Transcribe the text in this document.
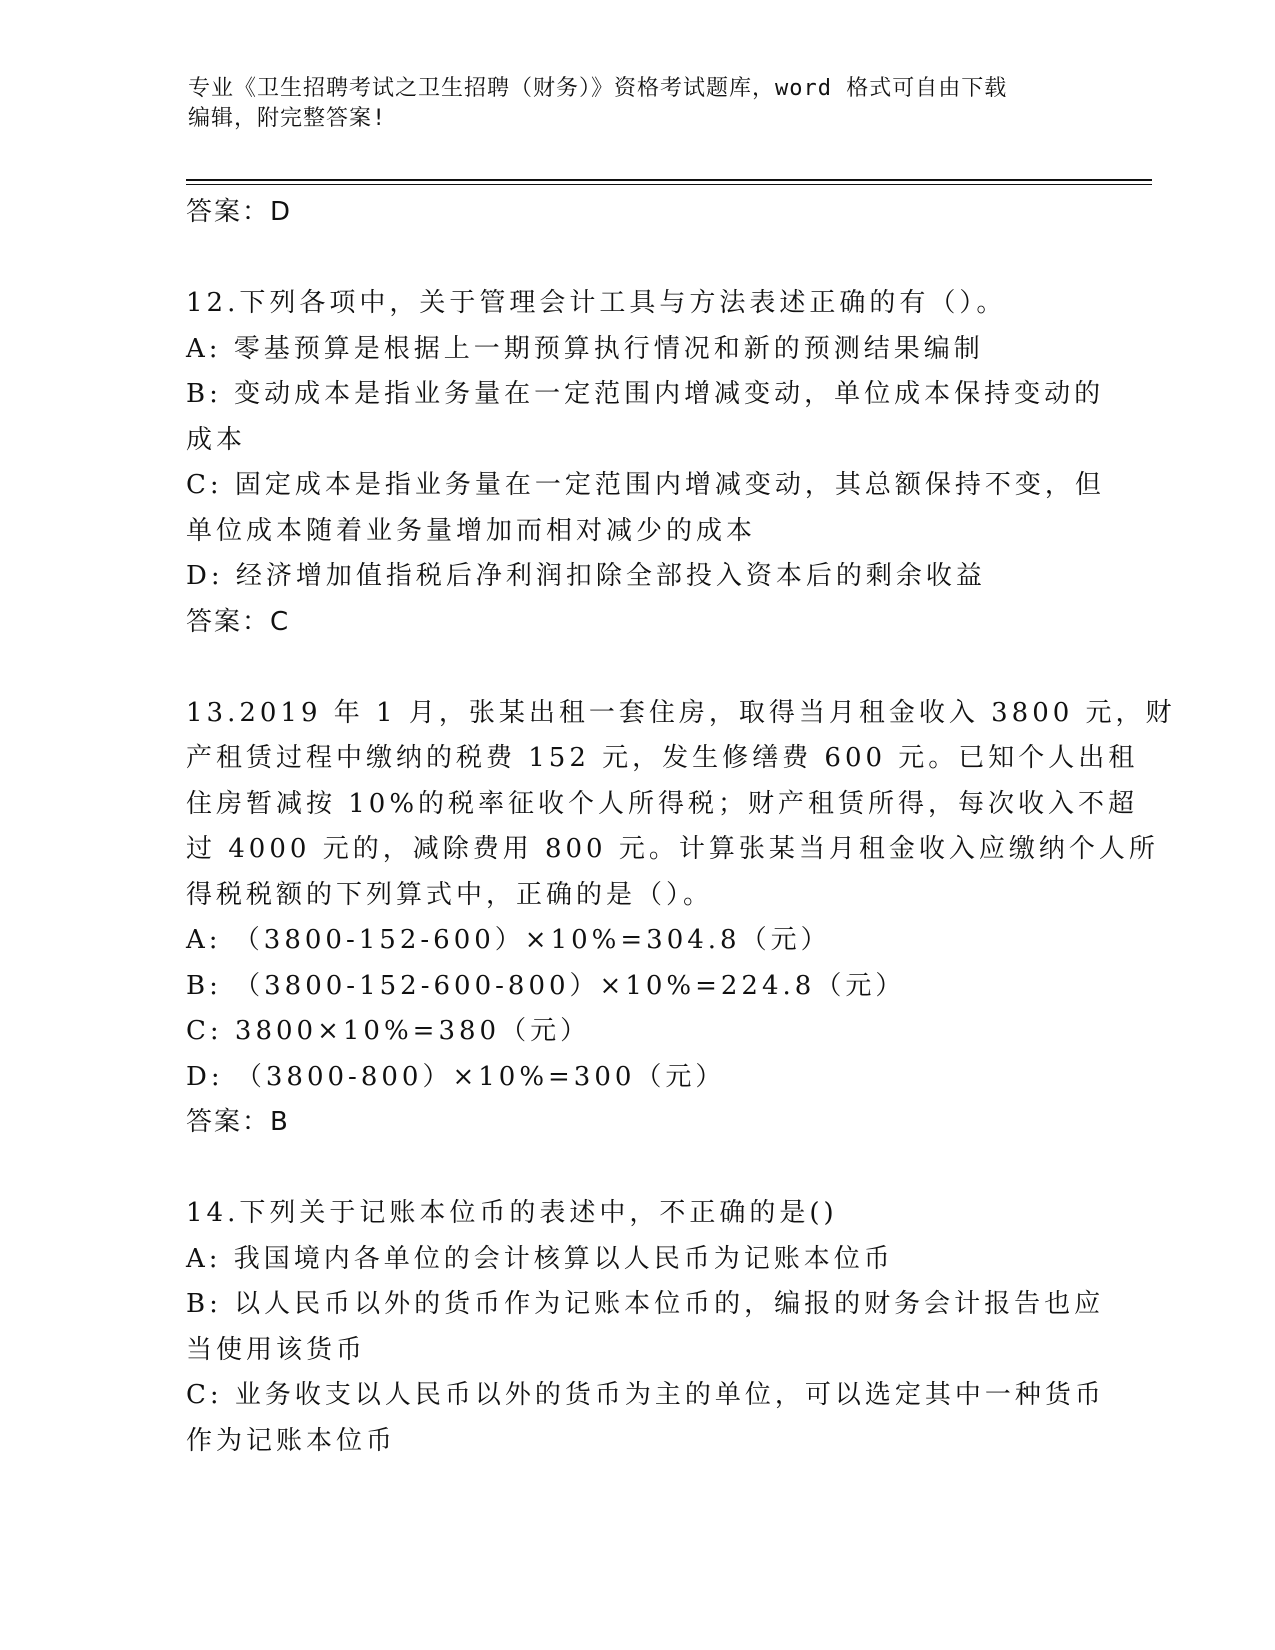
专业《卫生招聘考试之卫生招聘（财务）》资格考试题库，word 格式可自由下载
编辑，附完整答案!
答案：D
12.下列各项中，关于管理会计工具与方法表述正确的有（）。
A: 零基预算是根据上一期预算执行情况和新的预测结果编制
B: 变动成本是指业务量在一定范围内增减变动，单位成本保持变动的
成本
C: 固定成本是指业务量在一定范围内增减变动，其总额保持不变，但
单位成本随着业务量增加而相对减少的成本
D: 经济增加值指税后净利润扣除全部投入资本后的剩余收益
答案：C
13.2019 年 1 月，张某出租一套住房，取得当月租金收入 3800 元，财
产租赁过程中缴纳的税费 152 元，发生修缮费 600 元。已知个人出租
住房暂减按 10%的税率征收个人所得税；财产租赁所得，每次收入不超
过 4000 元的，减除费用 800 元。计算张某当月租金收入应缴纳个人所
得税税额的下列算式中，正确的是（）。
A: （3800-152-600）×10%=304.8（元）
B: （3800-152-600-800）×10%=224.8（元）
C: 3800×10%=380（元）
D: （3800-800）×10%=300（元）
答案：B
14.下列关于记账本位币的表述中，不正确的是()
A: 我国境内各单位的会计核算以人民币为记账本位币
B: 以人民币以外的货币作为记账本位币的，编报的财务会计报告也应
当使用该货币
C: 业务收支以人民币以外的货币为主的单位，可以选定其中一种货币
作为记账本位币
